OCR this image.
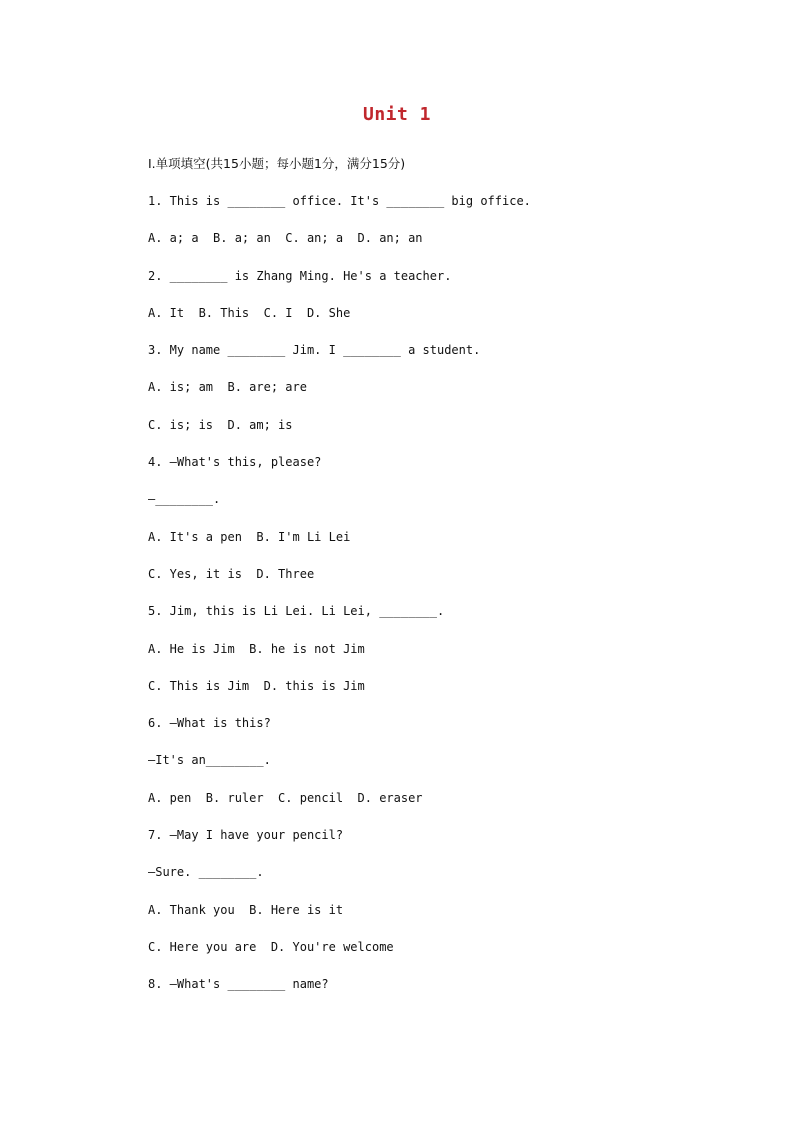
Unit 1
Ⅰ.单项填空(共15小题；每小题1分，满分15分)
1. This is ________ office. It's ________ big office.
A. a; a  B. a; an  C. an; a  D. an; an
2. ________ is Zhang Ming. He's a teacher.
A. It  B. This  C. I  D. She
3. My name ________ Jim. I ________ a student.
A. is; am  B. are; are
C. is; is  D. am; is
4. —What's this, please?
—________.
A. It's a pen  B. I'm Li Lei
C. Yes, it is  D. Three
5. Jim, this is Li Lei. Li Lei, ________.
A. He is Jim  B. he is not Jim
C. This is Jim  D. this is Jim
6. —What is this?
—It's an________.
A. pen  B. ruler  C. pencil  D. eraser
7. —May I have your pencil?
—Sure. ________.
A. Thank you  B. Here is it
C. Here you are  D. You're welcome
8. —What's ________ name?
